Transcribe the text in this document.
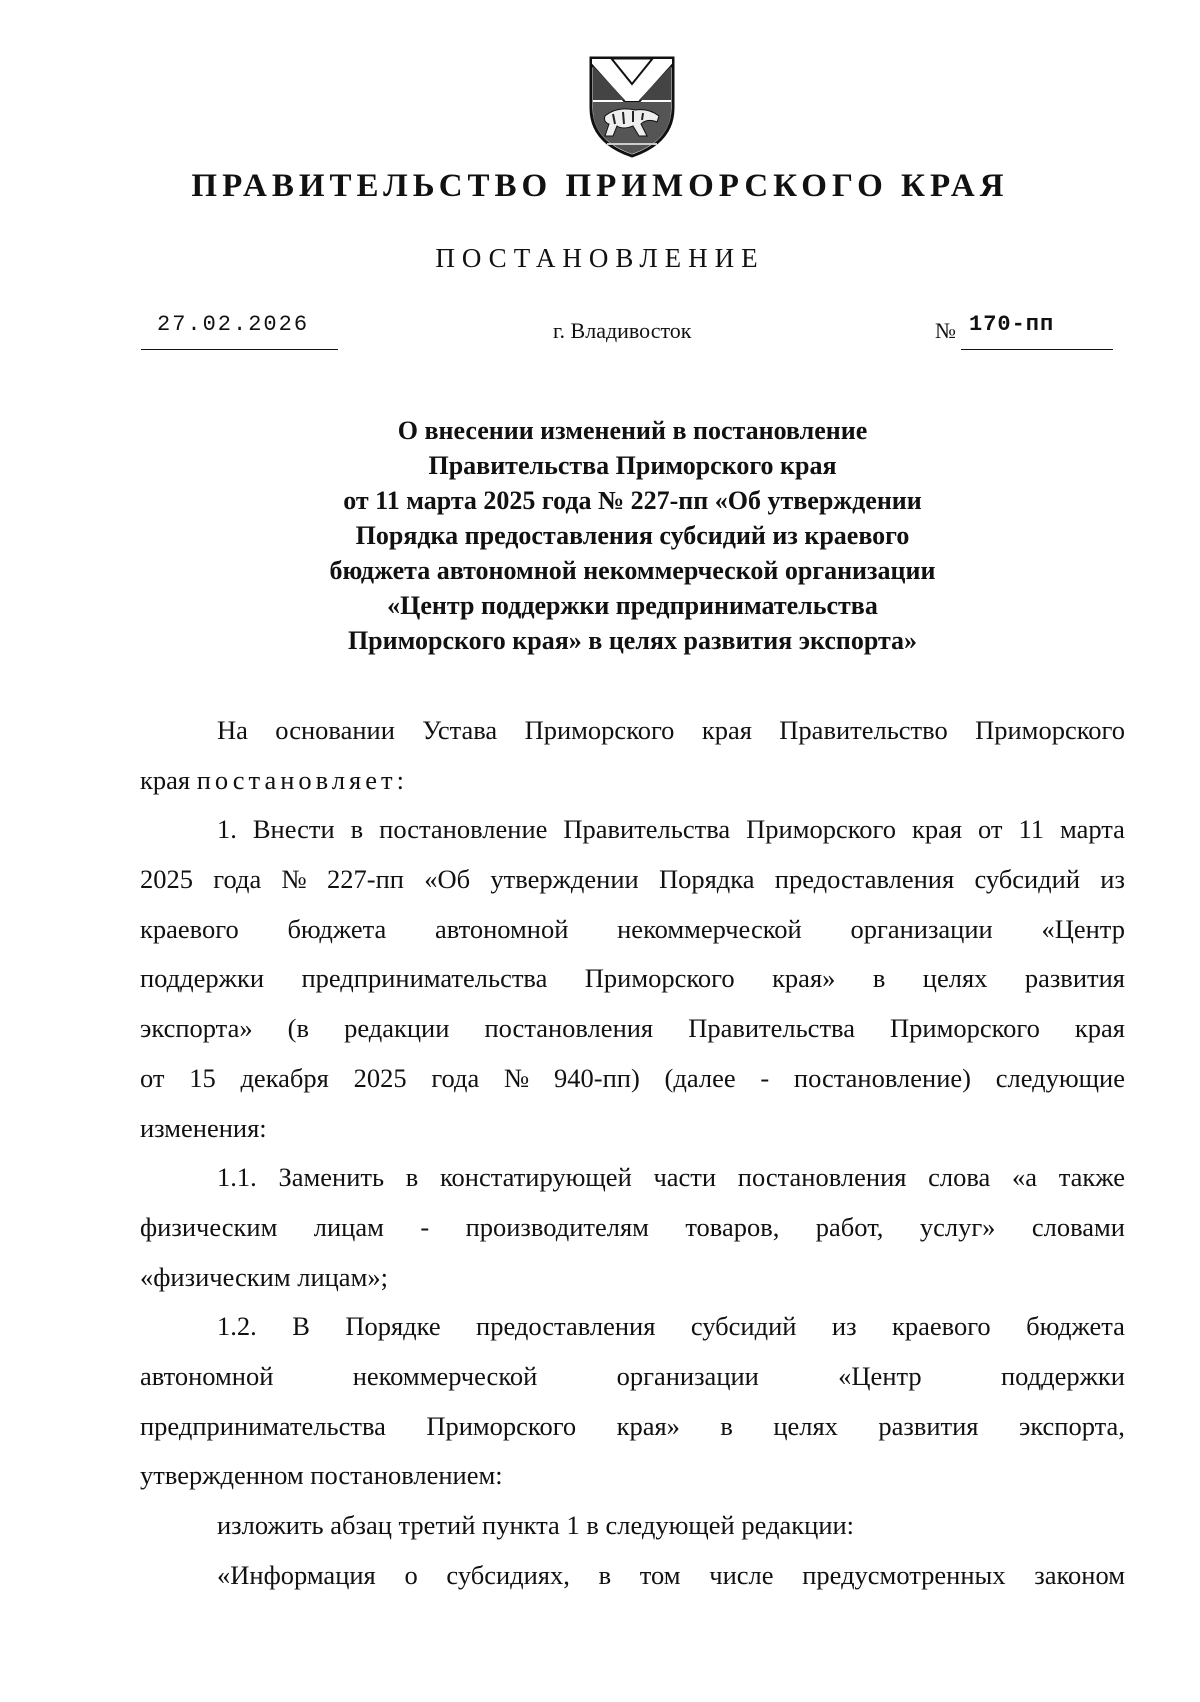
ПРАВИТЕЛЬСТВО ПРИМОРСКОГО КРАЯ
ПОСТАНОВЛЕНИЕ
27.02.2026	г. Владивосток	№ 170-пп
О внесении изменений в постановление
Правительства Приморского края
от 11 марта 2025 года № 227-пп «Об утверждении
Порядка предоставления субсидий из краевого
бюджета автономной некоммерческой организации
«Центр поддержки предпринимательства
Приморского края» в целях развития экспорта»
На основании Устава Приморского края Правительство Приморского
края постановляет:
1. Внести в постановление Правительства Приморского края от 11 марта
2025 года № 227-пп «Об утверждении Порядка предоставления субсидий из
краевого бюджета автономной некоммерческой организации «Центр
поддержки предпринимательства Приморского края» в целях развития
экспорта» (в редакции постановления Правительства Приморского края
от 15 декабря 2025 года № 940-пп) (далее - постановление) следующие
изменения:
1.1. Заменить в констатирующей части постановления слова «а также
физическим лицам - производителям товаров, работ, услуг» словами
«физическим лицам»;
1.2. В Порядке предоставления субсидий из краевого бюджета
автономной	некоммерческой	организации	«Центр	поддержки
предпринимательства Приморского края» в целях развития экспорта,
утвержденном постановлением:
изложить абзац третий пункта 1 в следующей редакции:
«Информация о субсидиях, в том числе предусмотренных законом
